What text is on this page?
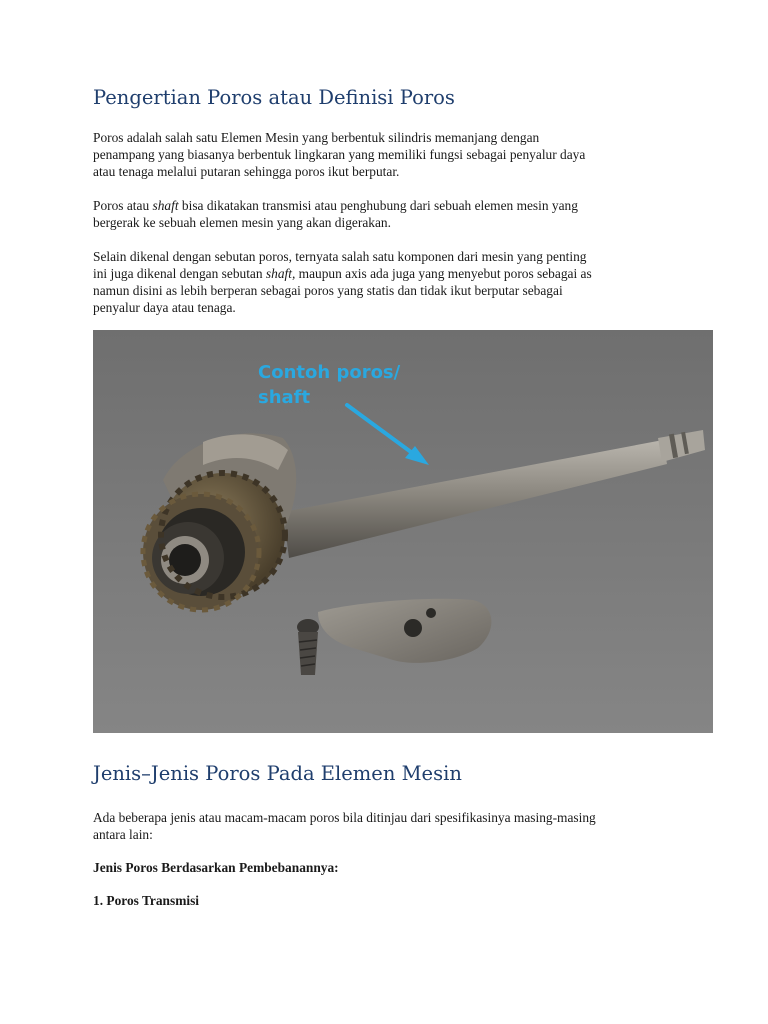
Pengertian Poros atau Definisi Poros

Poros adalah salah satu Elemen Mesin yang berbentuk silindris memanjang dengan
penampang yang biasanya berbentuk lingkaran yang memiliki fungsi sebagai penyalur daya
atau tenaga melalui putaran sehingga poros ikut berputar.

Poros atau shaft bisa dikatakan transmisi atau penghubung dari sebuah elemen mesin yang
bergerak ke sebuah elemen mesin yang akan digerakan.

Selain dikenal dengan sebutan poros, ternyata salah satu komponen dari mesin yang penting
ini juga dikenal dengan sebutan shaft, maupun axis ada juga yang menyebut poros sebagai as
namun disini as lebih berperan sebagai poros yang statis dan tidak ikut berputar sebagai
penyalur daya atau tenaga.

Contoh poros/
shaft
Jenis–Jenis Poros Pada Elemen Mesin

Ada beberapa jenis atau macam-macam poros bila ditinjau dari spesifikasinya masing-masing
antara lain:

Jenis Poros Berdasarkan Pembebanannya:

1. Poros Transmisi
